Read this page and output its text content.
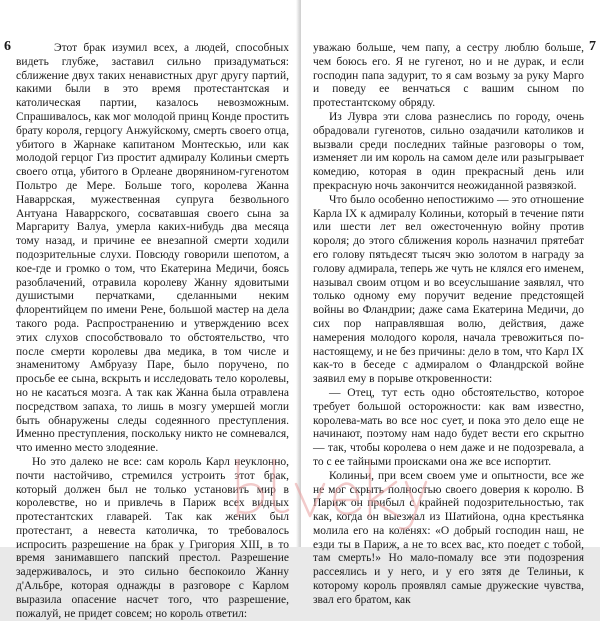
6	Этот брак изумил всех, а людей, способных видеть глубже, заставил сильно призадуматься: сближение двух таких ненавистных друг другу партий, какими были в это время протестантская и католическая партии, казалось невозможным. Спрашивалось, как мог молодой принц Конде простить брату короля, герцогу Анжуйскому, смерть своего отца, убитого в Жарнаке капитаном Монтескью, или как молодой герцог Гиз простит адмиралу Колиньи смерть своего отца, убитого в Орлеане дворянином-гугенотом Польтро де Мере. Больше того, королева Жанна Наваррская, мужественная супруга безвольного Антуана Наваррского, сосватавшая своего сына за Маргариту Валуа, умерла каких-нибудь два месяца тому назад, и причине ее внезапной смерти ходили подозрительные слухи. Повсюду говорили шепотом, а кое-где и громко о том, что Екатерина Медичи, боясь разоблачений, отравила королеву Жанну ядовитыми душистыми перчатками, сделанными неким флорентийцем по имени Рене, большой мастер на дела такого рода. Распространению и утверждению всех этих слухов способствовало то обстоятельство, что после смерти королевы два медика, в том числе и знаменитому Амбруазу Паре, было поручено, по просьбе ее сына, вскрыть и исследовать тело королевы, но не касаться мозга. А так как Жанна была отравлена посредством запаха, то лишь в мозгу умершей могли быть обнаружены следы содеянного преступления. Именно преступления, поскольку никто не сомневался, что именно место злодеяние.

Но это далеко не все: сам король Карл неуклонно, почти настойчиво, стремился устроить этот брак, который должен был не только установить мир в королевстве, но и привлечь в Париж всех видных протестантских главарей. Так как жених был протестант, а невеста католичка, то требовалось испросить разрешение на брак у Григория XIII, в то время занимавшего папский престол. Разрешение задерживалось, и это сильно беспокоило Жанну д'Альбре, которая однажды в разговоре с Карлом выразила опасение насчет того, что разрешение, пожалуй, не придет совсем; но король ответил:

7

уважаю больше, чем папу, а сестру люблю больше, чем боюсь его. Я не гугенот, но и не дурак, и если господин папа задурит, то я сам возьму за руку Марго и поведу ее венчаться с вашим сыном по протестантскому обряду.

Из Лувра эти слова разнеслись по городу, очень обрадовали гугенотов, сильно озадачили католиков и вызвали среди последних тайные разговоры о том, изменяет ли им король на самом деле или разыгрывает комедию, которая в один прекрасный день или прекрасную ночь закончится неожиданной развязкой.

Что было особенно непостижимо — это отношение Карла IX к адмиралу Колиньи, который в течение пяти или шести лет вел ожесточенную войну против короля; до этого сближения король назначил прятебат его голову пятьдесят тысяч экю золотом в награду за голову адмирала, теперь же чуть не клялся его именем, называл своим отцом и во всеуслышание заявлял, что только одному ему поручит ведение предстоящей войны во Фландрии; даже сама Екатерина Медичи, до сих пор направлявшая волю, действия, даже намерения молодого короля, начала тревожиться по-настоящему, и не без причины: дело в том, что Карл IX как-то в беседе с адмиралом о Фландрской войне заявил ему в порыве откровенности:

— Отец, тут есть одно обстоятельство, которое требует большой осторожности: как вам известно, королева-мать во все нос сует, и пока это дело еще не начинают, поэтому нам надо будет вести его скрытно — так, чтобы королева о нем даже и не подозревала, а то с ее тайными происками она же все испортит.

Колиньи, при всем своем уме и опытности, все же не мог скрыть полностью своего доверия к королю. В Париж он прибыл с крайней подозрительностью, так как, когда он выезжал из Шатийона, одна крестьянка молила его на коленях: «О добрый господин наш, не езди ты в Париж, а не то всех вас, кто поедет с тобой, там смерть!» Но мало-помалу все эти подозрения рассеялись и у него, и у его зятя де Телиньи, к которому король проявлял самые дружеские чувства, звал его братом, как
